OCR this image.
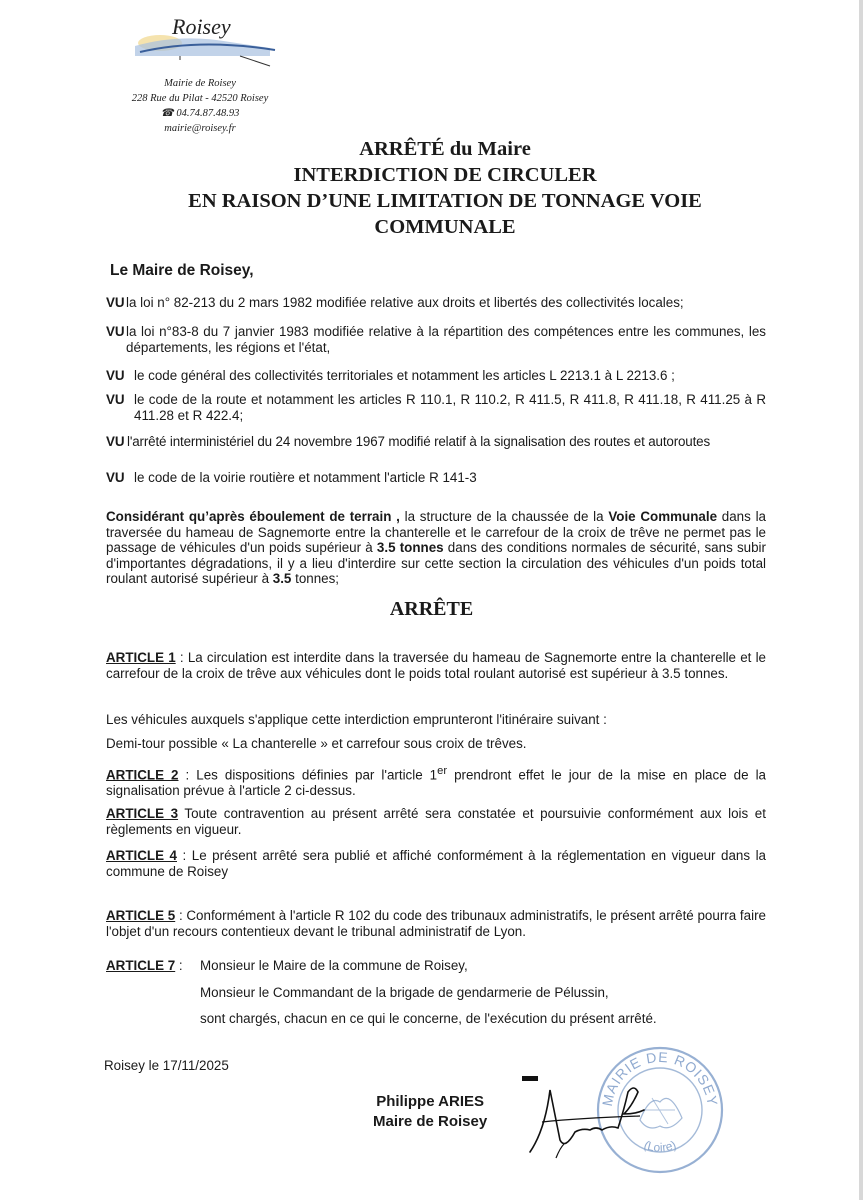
Roisey
Mairie de Roisey
228 Rue du Pilat - 42520 Roisey
☎ 04.74.87.48.93
mairie@roisey.fr
ARRÊTÉ du Maire
INTERDICTION DE CIRCULER
EN RAISON D’UNE LIMITATION DE TONNAGE VOIE
COMMUNALE
Le Maire de Roisey,
VU la loi n° 82-213 du 2 mars 1982 modifiée relative aux droits et libertés des collectivités locales;
VU la loi n°83-8 du 7 janvier 1983 modifiée relative à la répartition des compétences entre les communes, les départements, les régions et l'état,
VU le code général des collectivités territoriales et notamment les articles L 2213.1 à L 2213.6 ;
VU le code de la route et notamment les articles R 110.1, R 110.2, R 411.5, R 411.8, R 411.18, R 411.25 à R 411.28 et R 422.4;
VU l'arrêté interministériel du 24 novembre 1967 modifié relatif à la signalisation des routes et autoroutes
VU le code de la voirie routière et notamment l'article R 141-3
Considérant qu’après éboulement de terrain , la structure de la chaussée de la Voie Communale dans la traversée du hameau de Sagnemorte entre la chanterelle et le carrefour de la croix de trêve ne permet pas le passage de véhicules d'un poids supérieur à 3.5 tonnes dans des conditions normales de sécurité, sans subir d'importantes dégradations, il y a lieu d'interdire sur cette section la circulation des véhicules d'un poids total roulant autorisé supérieur à 3.5 tonnes;
ARRÊTE
ARTICLE 1 : La circulation est interdite dans la traversée du hameau de Sagnemorte entre la chanterelle et le carrefour de la croix de trêve aux véhicules dont le poids total roulant autorisé est supérieur à 3.5 tonnes.
Les véhicules auxquels s'applique cette interdiction emprunteront l'itinéraire suivant :
Demi-tour possible « La chanterelle » et carrefour sous croix de trêves.
ARTICLE 2 : Les dispositions définies par l'article 1er prendront effet le jour de la mise en place de la signalisation prévue à l'article 2 ci-dessus.
ARTICLE 3 Toute contravention au présent arrêté sera constatée et poursuivie conformément aux lois et règlements en vigueur.
ARTICLE 4 : Le présent arrêté sera publié et affiché conformément à la réglementation en vigueur dans la commune de Roisey
ARTICLE 5 : Conformément à l'article R 102 du code des tribunaux administratifs, le présent arrêté pourra faire l'objet d'un recours contentieux devant le tribunal administratif de Lyon.
ARTICLE 7 : Monsieur le Maire de la commune de Roisey,
Monsieur le Commandant de la brigade de gendarmerie de Pélussin,
sont chargés, chacun en ce qui le concerne, de l'exécution du présent arrêté.
Roisey le 17/11/2025
Philippe ARIES
Maire de Roisey
MAIRIE DE ROISEY
(Loire)
